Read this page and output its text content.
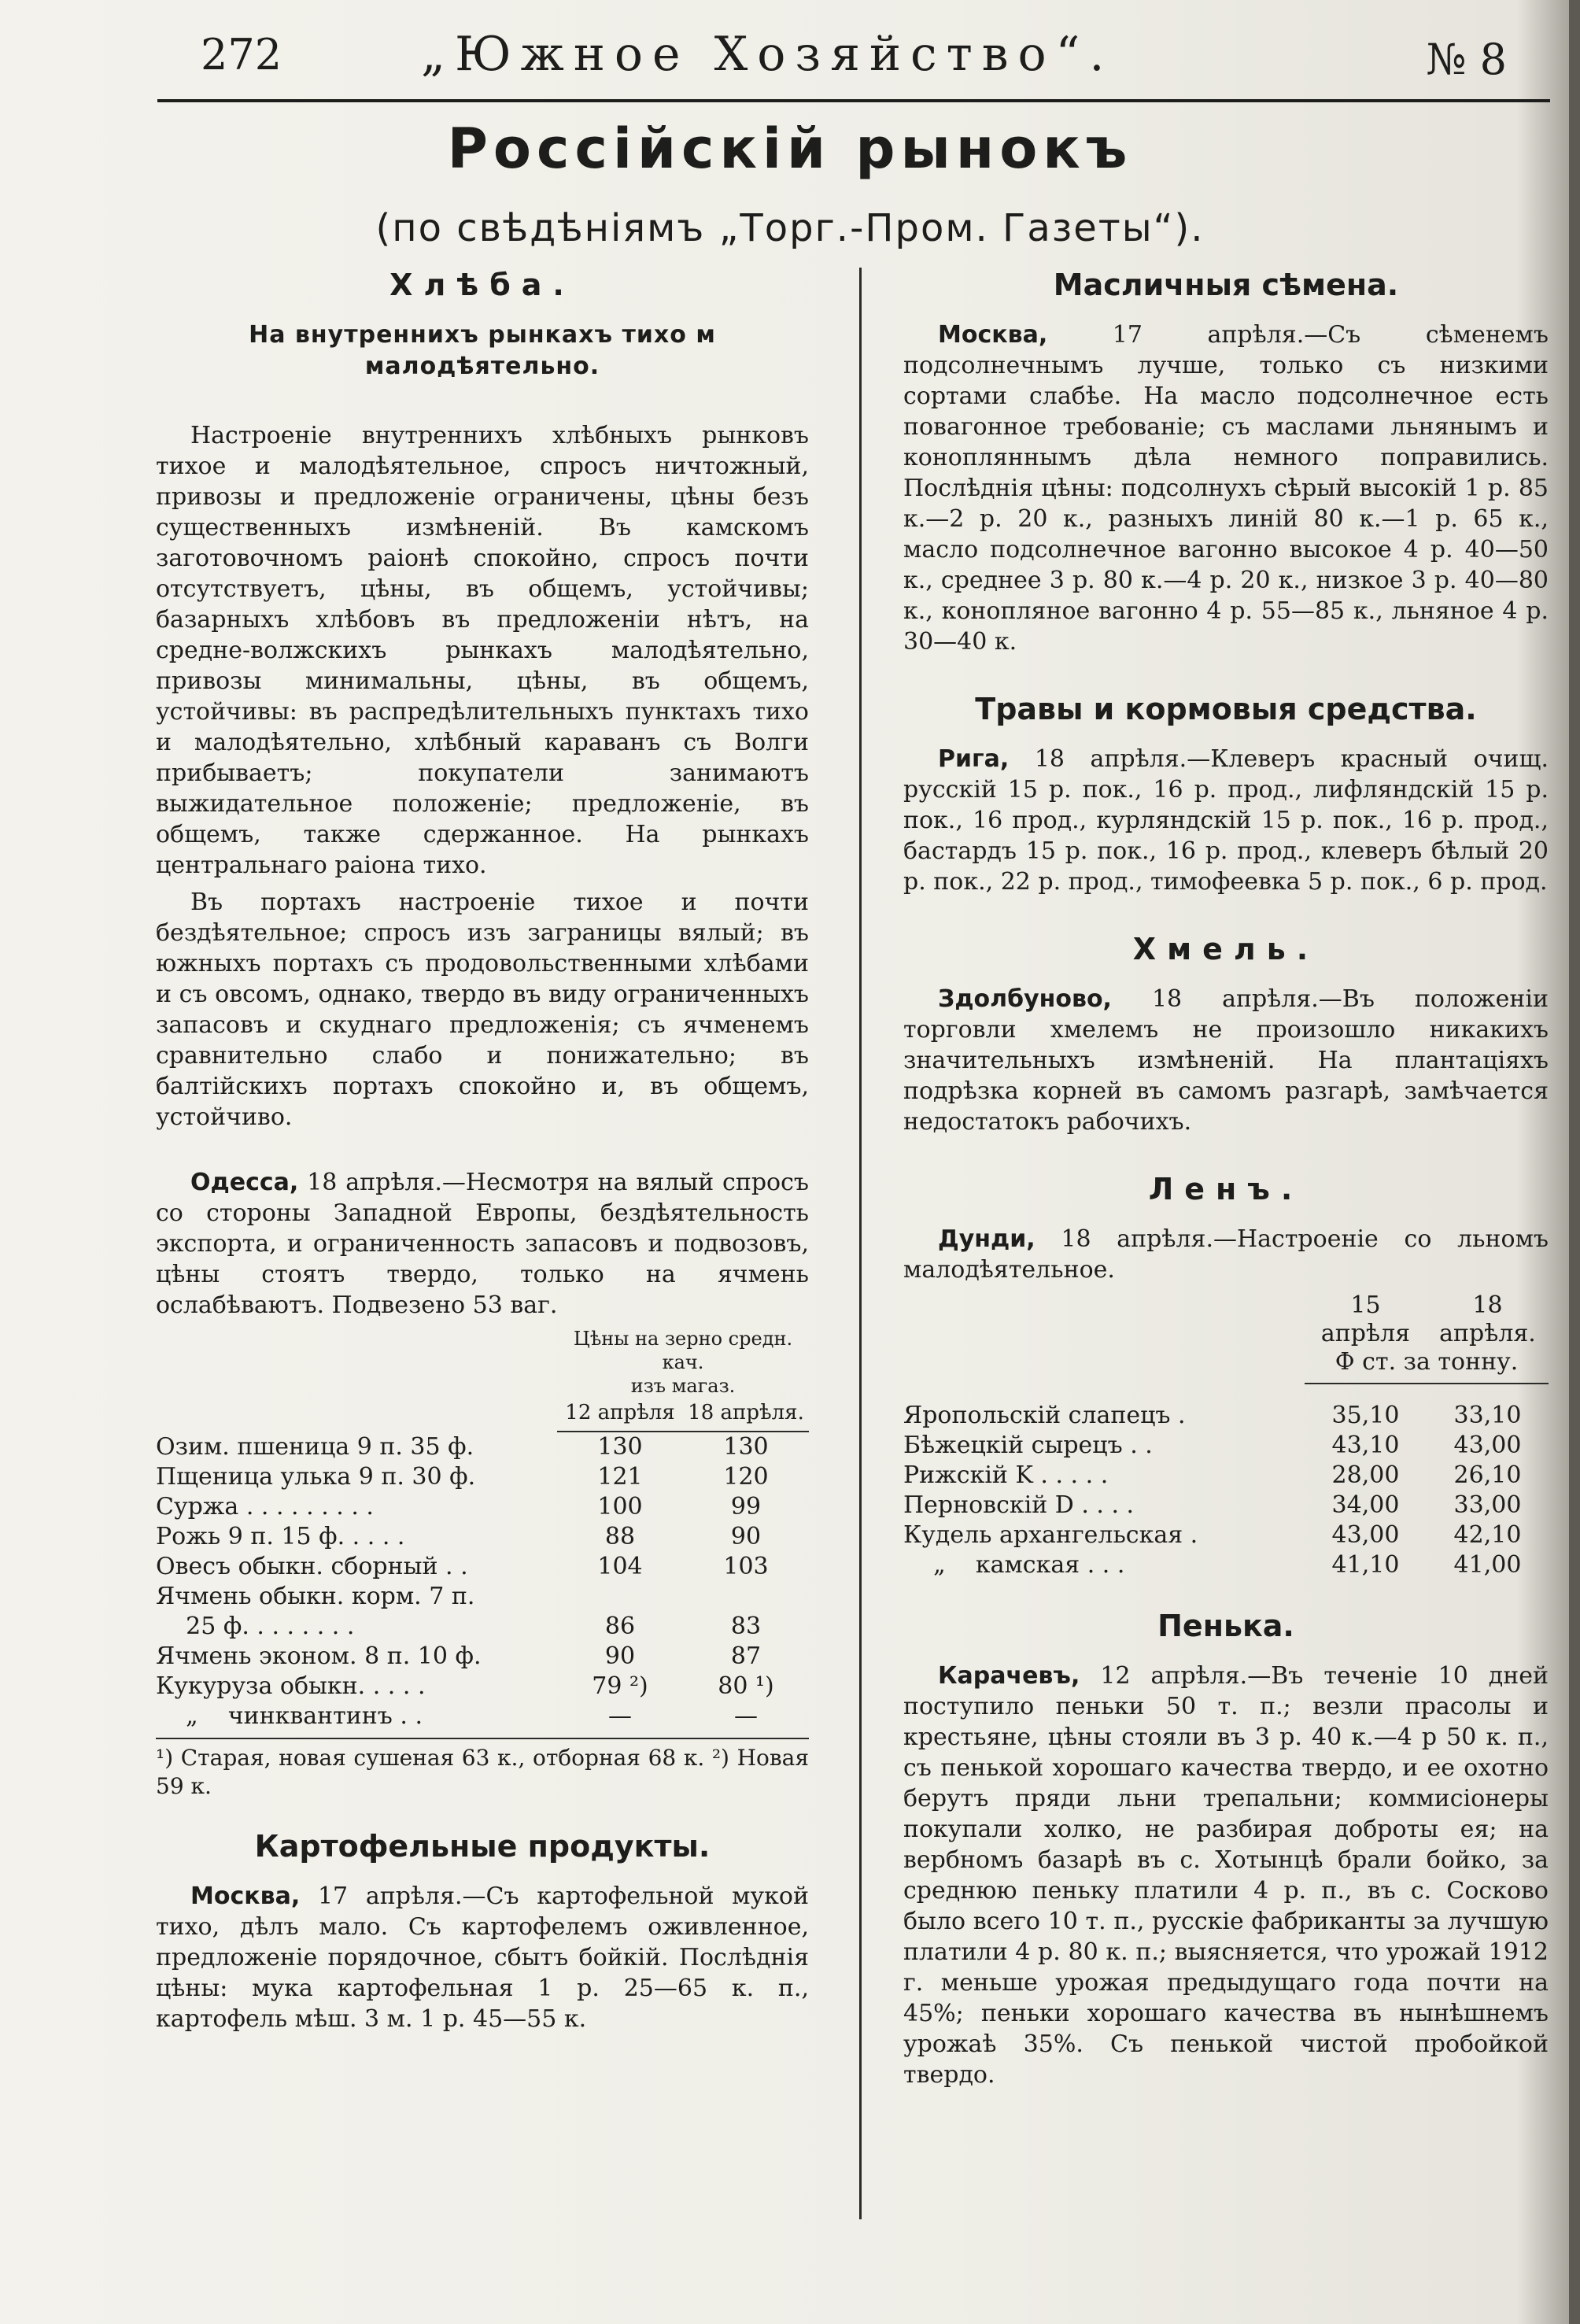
272	„Южное Хозяйство“.	№ 8
Россійскій рынокъ
(по свѣдѣніямъ „Торг.-Пром. Газеты“).
Хлѣба.
На внутреннихъ рынкахъ тихо м малодѣятельно.

Настроеніе внутреннихъ хлѣбныхъ рынковъ тихое и малодѣятельное, спросъ ничтожный, привозы и предложеніе ограничены, цѣны безъ существенныхъ измѣненій. Въ камскомъ заготовочномъ раіонѣ спокойно, спросъ почти отсутствуетъ, цѣны, въ общемъ, устойчивы; базарныхъ хлѣбовъ въ предложеніи нѣтъ, на средне-волжскихъ рынкахъ малодѣятельно, привозы минимальны, цѣны, въ общемъ, устойчивы: въ распредѣлительныхъ пунктахъ тихо и малодѣятельно, хлѣбный караванъ съ Волги прибываетъ; покупатели занимаютъ выжидательное положеніе; предложеніе, въ общемъ, также сдержанное. На рынкахъ центральнаго раіона тихо.

Въ портахъ настроеніе тихое и почти бездѣятельное; спросъ изъ заграницы вялый; въ южныхъ портахъ съ продовольственными хлѣбами и съ овсомъ, однако, твердо въ виду ограниченныхъ запасовъ и скуднаго предложенія; съ ячменемъ сравнительно слабо и понижательно; въ балтійскихъ портахъ спокойно и, въ общемъ, устойчиво.

Одесса, 18 апрѣля.—Несмотря на вялый спросъ со стороны Западной Европы, бездѣятельность экспорта, и ограниченность запасовъ и подвозовъ, цѣны стоятъ твердо, только на ячмень ослабѣваютъ. Подвезено 53 ваг.

	Цѣны на зерно средн. кач.
изъ магаз.	
	12 апрѣля	18 апрѣля.
Озим. пшеница 9 п. 35 ф.	130	130
Пщеница улька 9 п. 30 ф.	121	120
Суржа . . . . . . . . .	100	99
Рожь 9 п. 15 ф. . . . .	88	90
Овесъ обыкн. сборный . .	104	103
Ячмень обыкн. корм. 7 п.		
25 ф. . . . . . . .	86	83
Ячмень эконом. 8 п. 10 ф.	90	87
Кукуруза обыкн. . . . .	79 ²)	80 ¹)
„    чинквантинъ . .	—	—
¹) Старая, новая сушеная 63 к., отборная 68 к. ²) Новая 59 к.
Картофельные продукты.

Москва, 17 апрѣля.—Съ картофельной мукой тихо, дѣлъ мало. Съ картофелемъ оживленное, предложеніе порядочное, сбытъ бойкій. Послѣднія цѣны: мука картофельная 1 р. 25—65 к. п., картофель мѣш. 3 м. 1 р. 45—55 к.

Масличныя сѣмена.

Москва,	17 апрѣля.—Съ сѣменемъ подсолнечнымъ лучше, только съ низкими сортами слабѣе. На масло подсолнечное есть повагонное требованіе; съ маслами льнянымъ и конопляннымъ дѣла немного поправились. Послѣднія цѣны: подсолнухъ сѣрый высокій 1 р. 85 к.—2 р. 20 к., разныхъ линій 80 к.—1 р. 65 к., масло подсолнечное вагонно высокое 4 р. 40—50 к., среднее 3 р. 80 к.—4 р. 20 к., низкое 3 р. 40—80 к., конопляное вагонно 4 р. 55—85 к., льняное 4 р. 30—40 к.

Травы и кормовыя средства.

Рига, 18 апрѣля.—Клеверъ красный очищ. русскій 15 р. пок., 16 р. прод., лифляндскій 15 р. пок., 16 прод., курляндскій 15 р. пок., 16 р. прод., бастардъ 15 р. пок., 16 р. прод., клеверъ бѣлый 20 р. пок., 22 р. прод., тимофеевка 5 р. пок., 6 р. прод.

Хмель.

Здолбуново, 18 апрѣля.—Въ положеніи торговли хмелемъ не произошло никакихъ значительныхъ измѣненій. На плантаціяхъ подрѣзка корней въ самомъ разгарѣ, замѣчается недостатокъ рабочихъ.

Ленъ.

Дунди, 18 апрѣля.—Настроеніе со льномъ малодѣятельное.

	15 апрѣля	18 апрѣля.
	Ф ст. за тонну.	

Яропольскій слапецъ .	35,10	33,10
Бѣжецкій сырецъ . .	43,10	43,00
Рижскій K . . . . .	28,00	26,10
Перновскій D . . . .	34,00	33,00
Кудель архангельская .	43,00	42,10
„    камская . . .	41,10	41,00
Пенька.

Карачевъ, 12 апрѣля.—Въ теченіе 10 дней поступило пеньки 50 т. п.; везли прасолы и крестьяне, цѣны стояли въ 3 р. 40 к.—4 р 50 к. п., съ пенькой хорошаго качества твердо, и ее охотно берутъ пряди льни трепальни; коммисіонеры покупали холко, не разбирая доброты ея; на вербномъ базарѣ въ с. Хотынцѣ брали бойко, за среднюю пеньку платили 4 р. п., въ с. Сосково было всего 10 т. п., русскіе фабриканты за лучшую платили 4 р. 80 к. п.; выясняется, что урожай 1912 г. меньше урожая предыдущаго года почти на 45%; пеньки хорошаго качества въ нынѣшнемъ урожаѣ 35%. Съ пенькой чистой пробойкой твердо.
